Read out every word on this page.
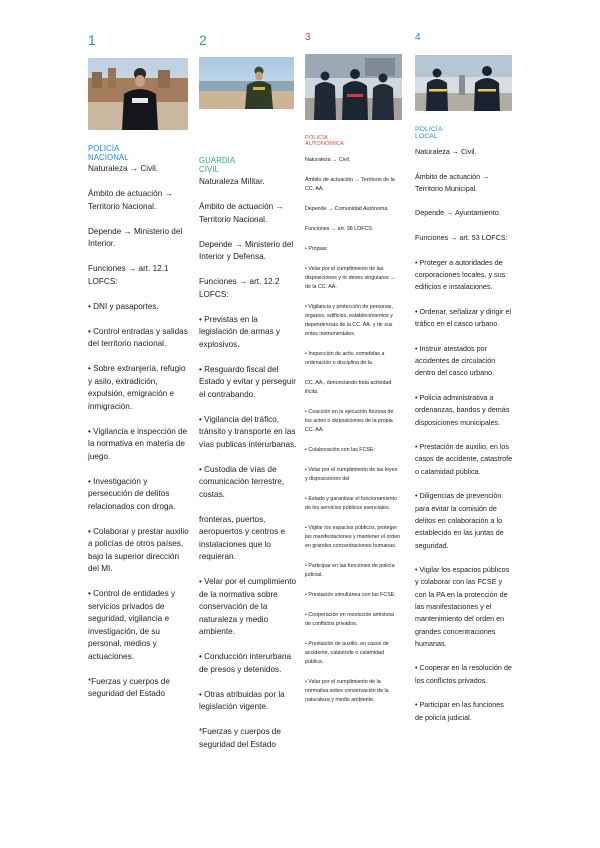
1
POLICÍA NACIONAL

Naturaleza → Civil.

Ámbito de actuación → Territorio Nacional.

Depende → Ministerio del Interior.

Funciones → art. 12.1 LOFCS:

• DNI y pasaportes.

• Control entradas y salidas del territorio nacional.

• Sobre extranjería, refugio y asilo, extradición, expulsión, emigración e inmigración.

• Vigilancia e inspección de la normativa en materia de juego.

• Investigación y persecución de delitos relacionados con droga.

• Colaborar y prestar auxilio a policías de otros países, bajo la superior dirección del MI.

• Control de entidades y servicios privados de seguridad, vigilancia e investigación, de su personal, medios y actuaciones.

*Fuerzas y cuerpos de seguridad del Estado

2
GUARDIA CIVIL

Naturaleza Militar.

Ámbito de actuación → Territorio Nacional.

Depende → Ministerio del Interior y Defensa.

Funciones → art. 12.2 LOFCS:

• Previstas en la legislación de armas y explosivos.

• Resguardo fiscal del Estado y evitar y perseguir el contrabando.

• Vigilancia del tráfico, tránsito y transporte en las vías publicas interurbanas.

• Custodia de vías de comunicación terrestre, costas.

fronteras, puertos, aeropuertos y centros e instalaciones que lo requieran.

• Velar por el cumplimiento de la normativa sobre conservación de la naturaleza y medio ambiente.

• Conducción interurbana de presos y detenidos.

• Otras atribuidas por la legislación vigente.

*Fuerzas y cuerpos de seguridad del Estado

3
POLICÍA AUTONÓMICA

Naturaleza → Civil.

Ámbito de actuación → Territorio de la CC. AA.

Depende → Comunidad Autónoma.

Funciones → art. 38 LOFCS:

• Propias:

• Velar por el cumplimiento de las disposiciones y ór denes singulares → de la CC. AA.

• Vigilancia y protección de personas, órganos, edificios, establecimientos y dependencias de la CC. AA. y de sus entes instrumentales.

• Inspección de activ. sometidas a ordenación o disciplina de la

CC. AA., denunciando toda actividad ilícita.

• Coacción en la ejecución forzosa de los actos o disposiciones de la propia CC. AA.

• Colaboración con las FCSE:

• Velar por el cumplimiento de las leyes y disposiciones del

• Estado y garantizar el funcionamiento de los servicios públicos esenciales.

• Vigilar los espacios públicos, proteger las manifestaciones y mantener el orden en grandes concentraciones humanas.

• Participar en las funciones de policía judicial.

• Prestación simultánea con las FCSE:

• Cooperación en resolución amistosa de conflictos privados.

• Prestación de auxilio, en casos de accidente, catástrofe o calamidad pública.

• Velar por el cumplimiento de la normativa sobre conservación de la naturaleza y medio ambiente.

4
POLICÍA LOCAL

Naturaleza → Civil.

Ámbito de actuación → Territorio Municipal.

Depende → Ayuntamiento.

Funciones → art. 53 LOFCS:

• Proteger a autoridades de corporaciones locales, y sus edificios e instalaciones.

• Ordenar, señalizar y dirigir el tráfico en el casco urbano.

• Instruir atestados por accidentes de circulación dentro del casco urbano.

• Policía administrativa a ordenanzas, bandos y demás disposiciones municipales.

• Prestación de auxilio, en los casos de accidente, catastrofe o calamidad pública.

• Diligencias de prevención para evitar la comisión de delitos en colaboración a lo establecido en las juntas de seguridad.

• Vigilar los espacios públicos y colaborar con las FCSE y con la PA en la protección de las manifestaciones y el mantenimiento del orden en grandes concentraciones humanas.

• Cooperar en la resolución de los conflictos privados.

• Participar en las funciones de policía judicial.
